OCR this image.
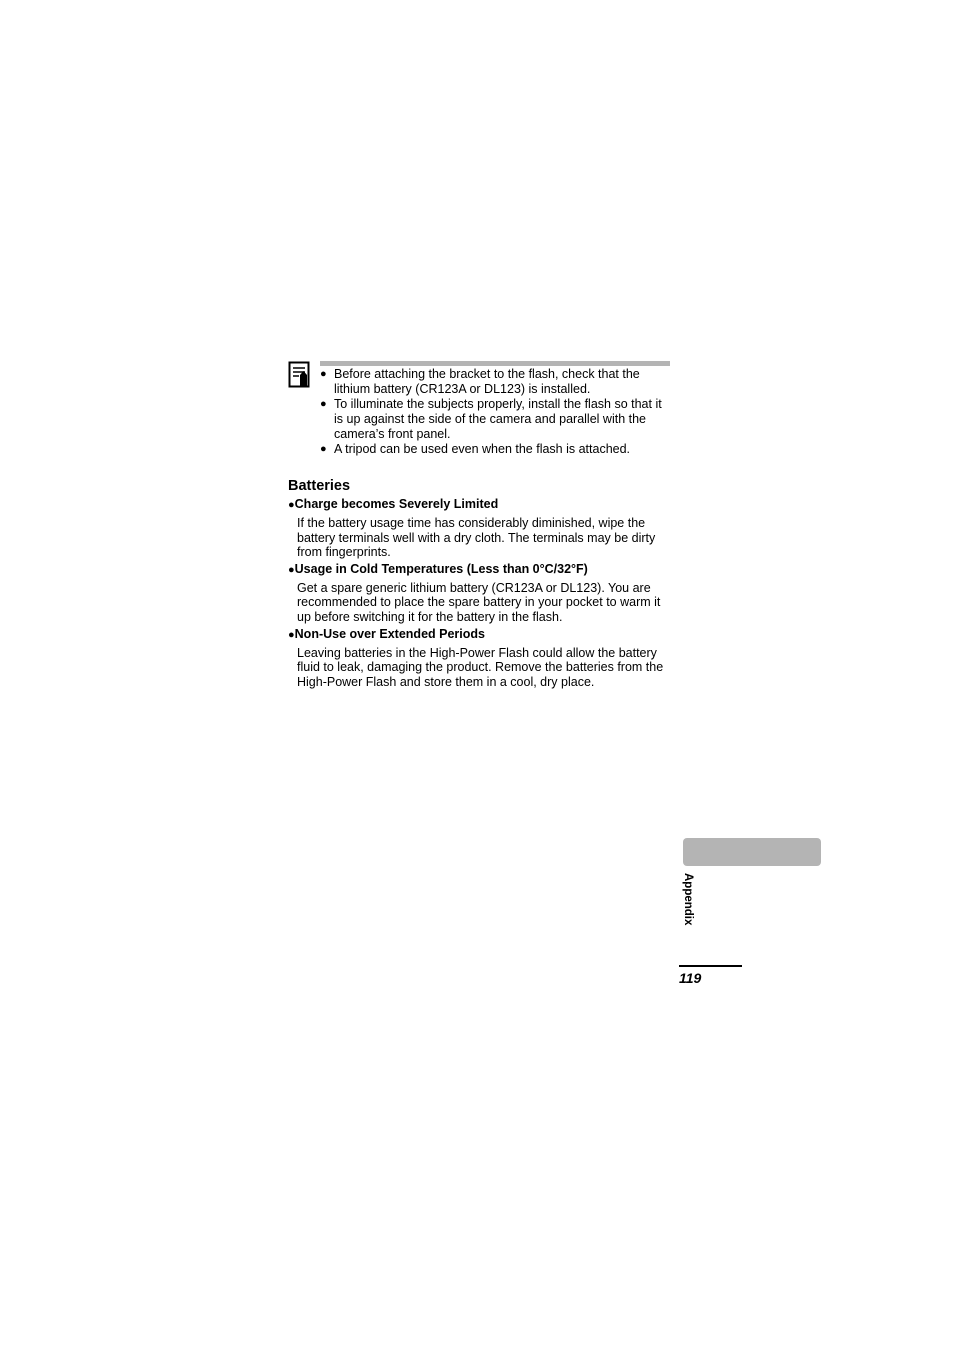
● Before attaching the bracket to the flash, check that the lithium battery (CR123A or DL123) is installed.
● To illuminate the subjects properly, install the flash so that it is up against the side of the camera and parallel with the camera’s front panel.
● A tripod can be used even when the flash is attached.
Batteries

●Charge becomes Severely Limited

If the battery usage time has considerably diminished, wipe the battery terminals well with a dry cloth. The terminals may be dirty from fingerprints.

●Usage in Cold Temperatures (Less than 0°C/32°F)

Get a spare generic lithium battery (CR123A or DL123). You are recommended to place the spare battery in your pocket to warm it up before switching it for the battery in the flash.

●Non-Use over Extended Periods

Leaving batteries in the High-Power Flash could allow the battery fluid to leak, damaging the product. Remove the batteries from the High-Power Flash and store them in a cool, dry place.

Appendix
119
